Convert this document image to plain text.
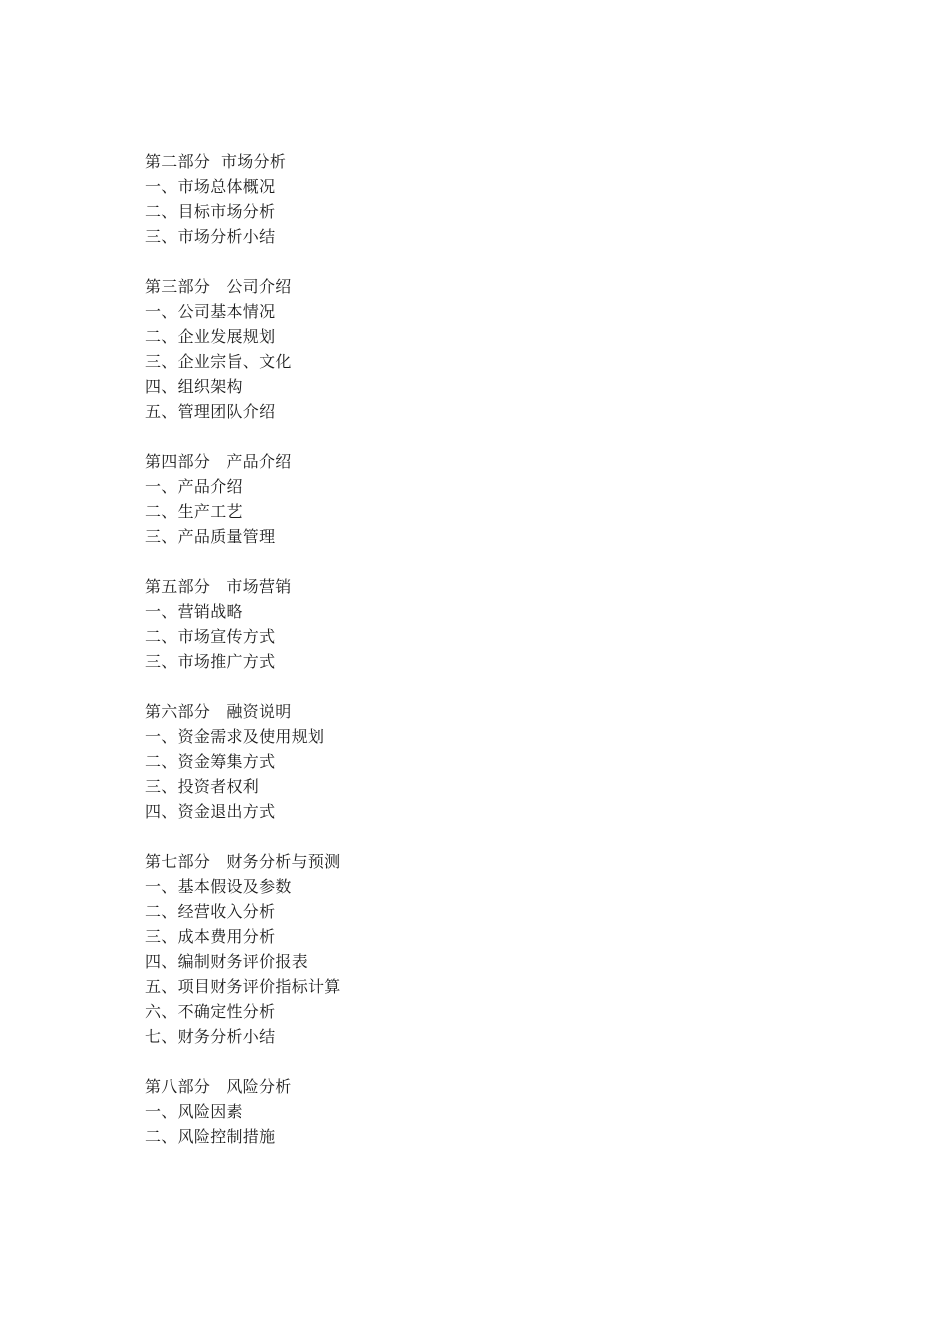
第二部分  市场分析
一、市场总体概况
二、目标市场分析
三、市场分析小结
第三部分   公司介绍
一、公司基本情况
二、企业发展规划
三、企业宗旨、文化
四、组织架构
五、管理团队介绍
第四部分   产品介绍
一、产品介绍
二、生产工艺
三、产品质量管理
第五部分   市场营销
一、营销战略
二、市场宣传方式
三、市场推广方式
第六部分   融资说明
一、资金需求及使用规划
二、资金筹集方式
三、投资者权利
四、资金退出方式
第七部分   财务分析与预测
一、基本假设及参数
二、经营收入分析
三、成本费用分析
四、编制财务评价报表
五、项目财务评价指标计算
六、不确定性分析
七、财务分析小结
第八部分   风险分析
一、风险因素
二、风险控制措施
